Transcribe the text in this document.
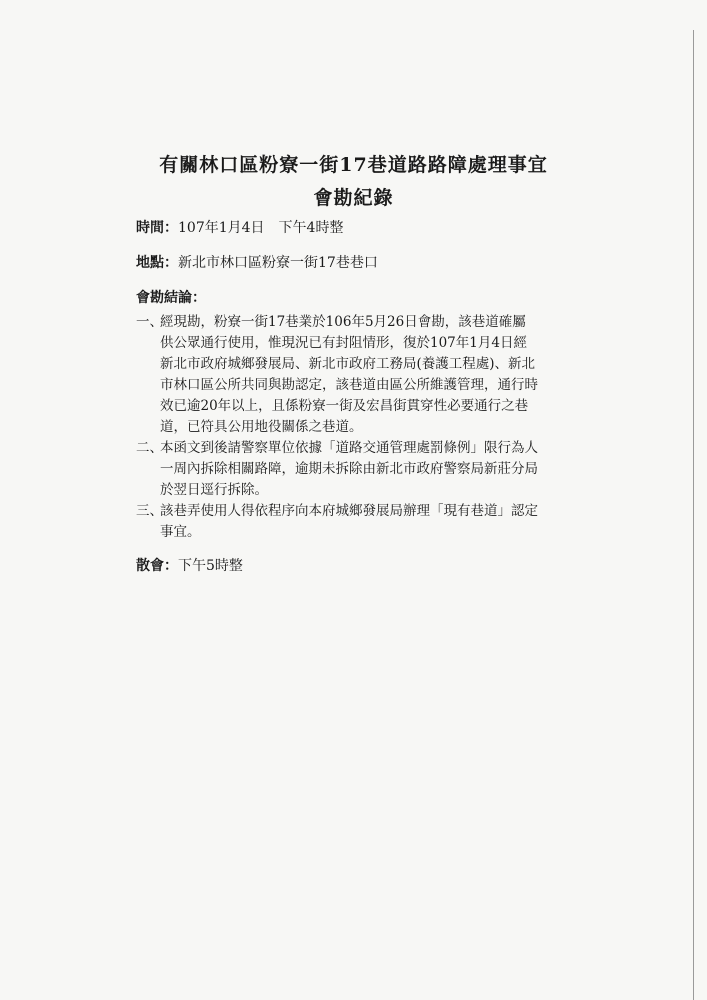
有關林口區粉寮一街17巷道路路障處理事宜
會勘紀錄
時間：107年1月4日　下午4時整
地點：新北市林口區粉寮一街17巷巷口
會勘結論：
一、
經現勘，粉寮一街17巷業於106年5月26日會勘，該巷道確屬
供公眾通行使用，惟現況已有封阻情形，復於107年1月4日經
新北市政府城鄉發展局、新北市政府工務局(養護工程處)、新北
市林口區公所共同與勘認定，該巷道由區公所維護管理，通行時
效已逾20年以上，且係粉寮一街及宏昌街貫穿性必要通行之巷
道，已符具公用地役關係之巷道。
二、
本函文到後請警察單位依據「道路交通管理處罰條例」限行為人
一周內拆除相關路障，逾期未拆除由新北市政府警察局新莊分局
於翌日逕行拆除。
三、
該巷弄使用人得依程序向本府城鄉發展局辦理「現有巷道」認定
事宜。
散會：下午5時整
